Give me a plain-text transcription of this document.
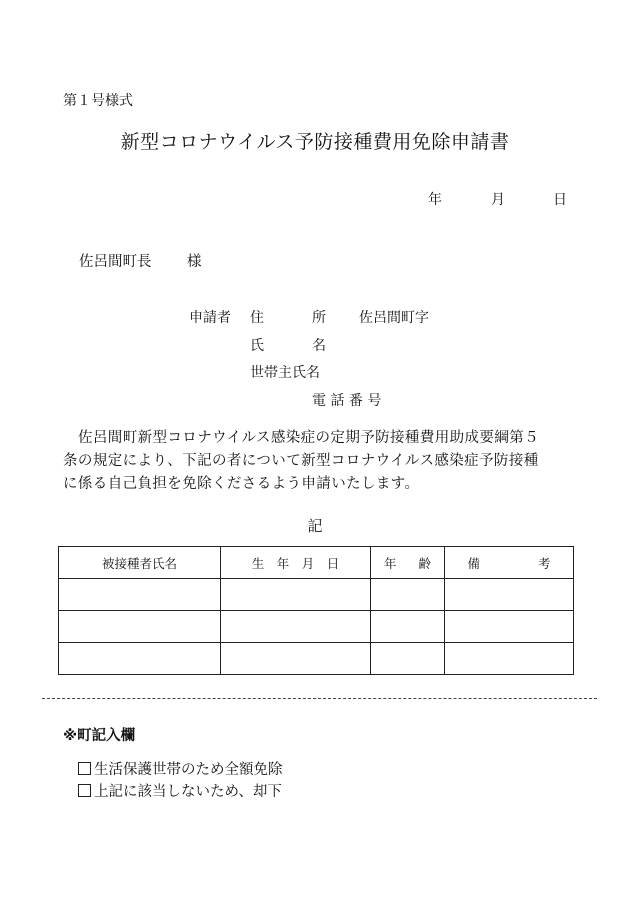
第１号様式
新型コロナウイルス予防接種費用免除申請書
年	月	日
佐呂間町長 様
申請者 住	所 佐呂間町字
氏	名
世帯主氏名
電 話 番 号
佐呂間町新型コロナウイルス感染症の定期予防接種費用助成要綱第５
条の規定により、下記の者について新型コロナウイルス感染症予防接種
に係る自己負担を免除くださるよう申請いたします。
記
被接種者氏名	生　年　月　日	年 齢	備 考

※町記入欄
生活保護世帯のため全額免除
上記に該当しないため、却下
